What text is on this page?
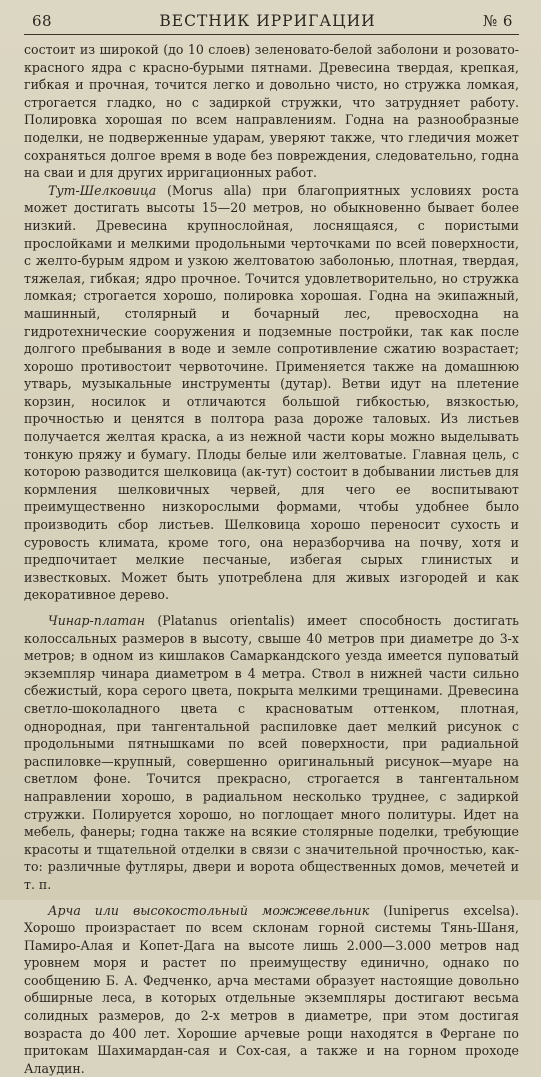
68	ВЕСТНИК ИРРИГАЦИИ	№ 6

состоит из широкой (до 10 слоев) зеленовато-белой заболони и розовато-красного ядра с красно-бурыми пятнами. Древесина твердая, крепкая, гибкая и прочная, точится легко и довольно чисто, но стружка ломкая, строгается гладко, но с задиркой стружки, что затрудняет работу. Полировка хорошая по всем направлениям. Годна на разнообразные поделки, не подверженные ударам, уверяют также, что гледичия может сохраняться долгое время в воде без повреждения, следовательно, годна на сваи и для других ирригационных работ.

Тут-Шелковица (Morus alla) при благоприятных условиях роста может достигать высоты 15—20 метров, но обыкновенно бывает более низкий. Древесина крупнослойная, лоснящаяся, с пористыми прослойками и мелкими продольными черточками по всей поверхности, с желто-бурым ядром и узкою желтоватою заболонью, плотная, твердая, тяжелая, гибкая; ядро прочное. Точится удовлетворительно, но стружка ломкая; строгается хорошо, полировка хорошая. Годна на экипажный, машинный, столярный и бочарный лес, превосходна на гидротехнические сооружения и подземные постройки, так как после долгого пребывания в воде и земле сопротивление сжатию возрастает; хорошо противостоит червоточине. Применяется также на домашнюю утварь, музыкальные инструменты (дутар). Ветви идут на плетение корзин, носилок и отличаются большой гибкостью, вязкостью, прочностью и ценятся в полтора раза дороже таловых. Из листьев получается желтая краска, а из нежной части коры можно выделывать тонкую пряжу и бумагу. Плоды белые или желтоватые. Главная цель, с которою разводится шелковица (ак-тут) состоит в добывании листьев для кормления шелковичных червей, для чего ее воспитывают преимущественно низкорослыми формами, чтобы удобнее было производить сбор листьев. Шелковица хорошо переносит сухость и суровость климата, кроме того, она неразборчива на почву, хотя и предпочитает мелкие песчаные, избегая сырых глинистых и известковых. Может быть употреблена для живых изгородей и как декоративное дерево.

Чинар-платан (Platanus orientalis) имеет способность достигать колоссальных размеров в высоту, свыше 40 метров при диаметре до 3-х метров; в одном из кишлаков Самаркандского уезда имеется пуповатый экземпляр чинара диаметром в 4 метра. Ствол в нижней части сильно сбежистый, кора серого цвета, покрыта мелкими трещинами. Древесина светло-шоколадного цвета с красноватым оттенком, плотная, однородная, при тангентальной распиловке дает мелкий рисунок с продольными пятнышками по всей поверхности, при радиальной распиловке—крупный, совершенно оригинальный рисунок—муаре на светлом фоне. Точится прекрасно, строгается в тангентальном направлении хорошо, в радиальном несколько труднее, с задиркой стружки. Полируется хорошо, но поглощает много политуры. Идет на мебель, фанеры; годна также на всякие столярные поделки, требующие красоты и тщательной отделки в связи с значительной прочностью, как-то: различные футляры, двери и ворота общественных домов, мечетей и т. п.

Арча или высокостольный можжевельник (Iuniperus excelsa). Хорошо произрастает по всем склонам горной системы Тянь-Шаня, Памиро-Алая и Копет-Дага на высоте лишь 2.000—3.000 метров над уровнем моря и растет по преимуществу единично, однако по сообщению Б. А. Федченко, арча местами образует настоящие довольно обширные леса, в которых отдельные экземпляры достигают весьма солидных размеров, до 2-х метров в диаметре, при этом достигая возраста до 400 лет. Хорошие арчевые рощи находятся в Фергане по притокам Шахимардан-сая и Сох-сая, а также и на горном проходе Алаудин.
